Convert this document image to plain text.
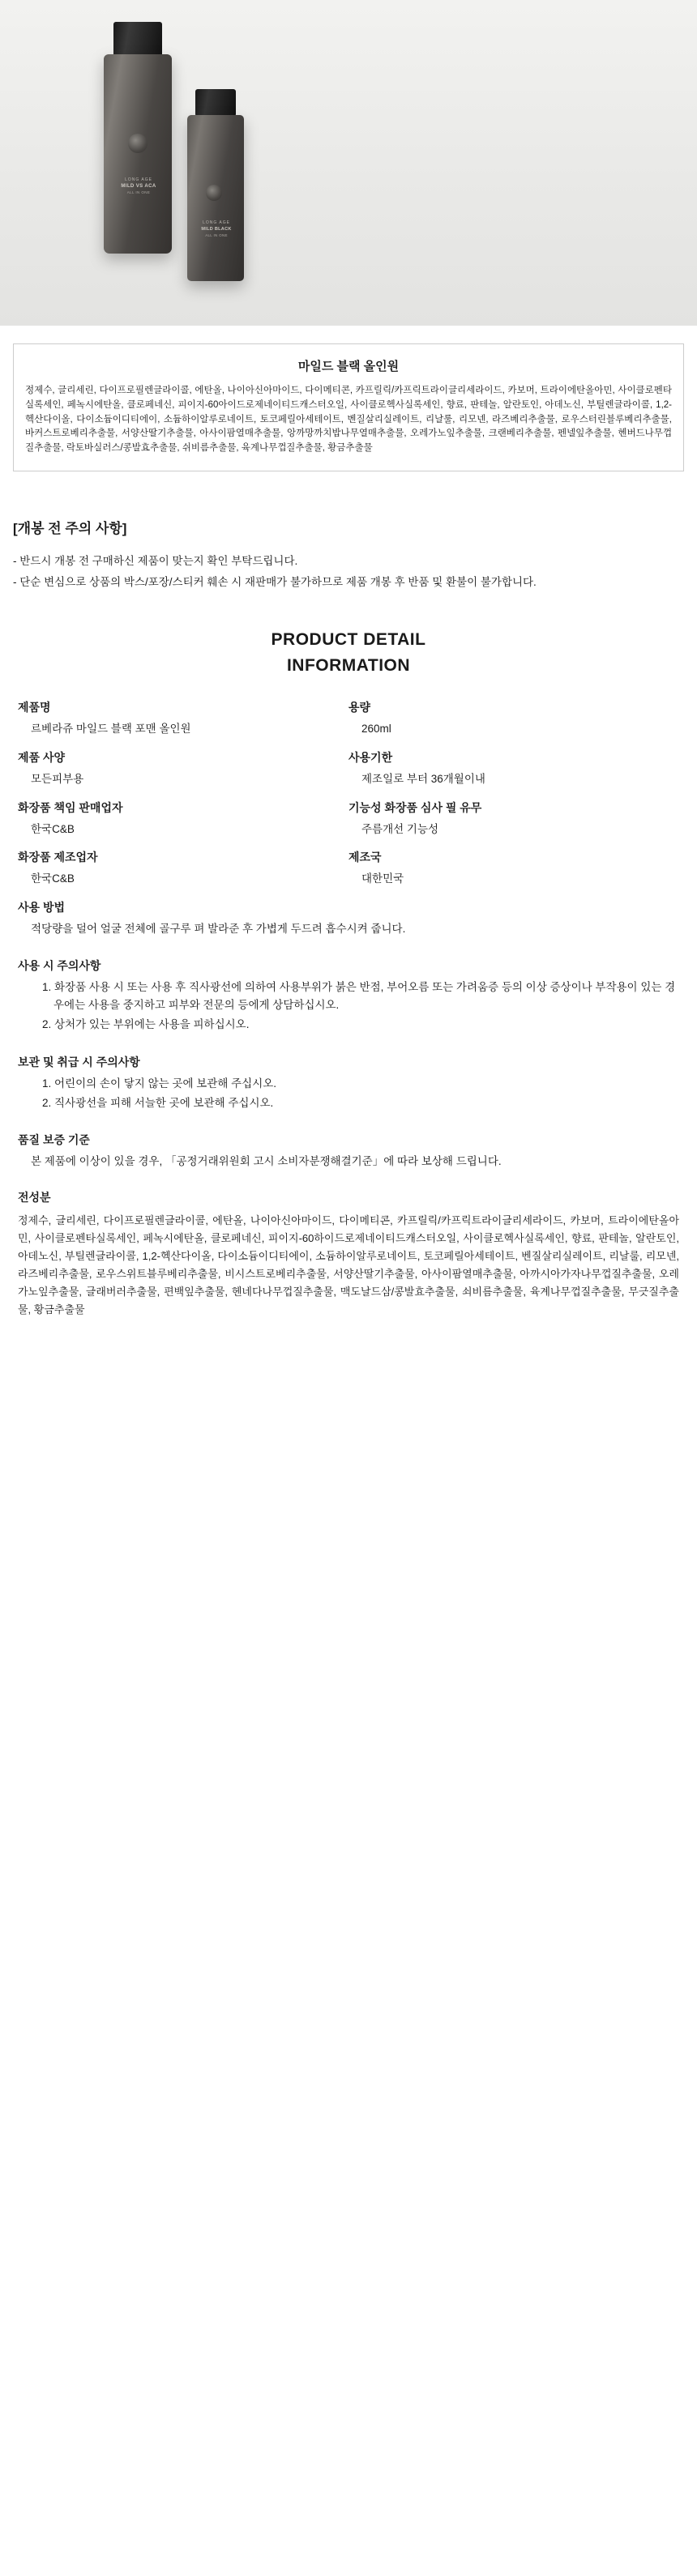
LONG AGE
MILD VS ACA
ALL IN ONE
LONG AGE
MILD BLACK
ALL IN ONE
마일드 블랙 올인원
정제수, 글리세린, 다이프로필렌글라이콜, 에탄올, 나이아신아마이드, 다이메티콘, 카프릴릭/카프릭트라이글리세라이드, 카보머, 트라이에탄올아민, 사이클로펜타실록세인, 페녹시에탄올, 클로페네신, 피이지-60아이드로제네이티드캐스터오일, 사이클로헥사실록세인, 향료, 판테놀, 알란토인, 아데노신, 부틸렌글라이콜, 1,2-헥산다이올, 다이소듐이디티에이, 소듐하이알루로네이트, 토코페릴아세테이트, 벤질살리실레이트, 리날룰, 리모넨, 라즈베리추출물, 로우스터린블루베리추출물, 바커스트로베리추출물, 서양산딸기추출물, 아사이팜열매추출물, 앙까망까치밥나무열매추출물, 오레가노잎추출물, 크랜베리추출물, 펜넬잎추출물, 헨버드나무껍질추출물, 락토바실러스/콩발효추출물, 쉬비름추출물, 육계나무껍질추출물, 황금추출물
[개봉 전 주의 사항]
- 반드시 개봉 전 구매하신 제품이 맞는지 확인 부탁드립니다.
- 단순 변심으로 상품의 박스/포장/스티커 훼손 시 재판매가 불가하므로 제품 개봉 후 반품 및 환불이 불가합니다.
PRODUCT DETAIL
INFORMATION
제품명
르베라쥬 마일드 블랙 포맨 올인원
용량
260ml
제품 사양
모든피부용
사용기한
제조일로 부터 36개월이내
화장품 책임 판매업자
한국C&B
기능성 화장품 심사 필 유무
주름개선 기능성
화장품 제조업자
한국C&B
제조국
대한민국
사용 방법
적당량을 덜어 얼굴 전체에 골구루 펴 발라준 후 가볍게 두드려 흡수시켜 줍니다.
사용 시 주의사항
1. 화장품 사용 시 또는 사용 후 직사광선에 의하여 사용부위가 붉은 반점, 부어오름 또는 가려움증 등의 이상 증상이나 부작용이 있는 경우에는 사용을 중지하고 피부와 전문의 등에게 상담하십시오.
2. 상처가 있는 부위에는 사용을 피하십시오.
보관 및 취급 시 주의사항
1. 어린이의 손이 닿지 않는 곳에 보관해 주십시오.
2. 직사광선을 피해 서늘한 곳에 보관해 주십시오.
품질 보증 기준
본 제품에 이상이 있을 경우, 「공정거래위원회 고시 소비자분쟁해결기준」에 따라 보상해 드립니다.
전성분
정제수, 글리세린, 다이프로필렌글라이콜, 에탄올, 나이아신아마이드, 다이메티콘, 카프릴릭/카프릭트라이글리세라이드, 카보머, 트라이에탄올아민, 사이클로펜타실록세인, 페녹시에탄올, 클로페네신, 피이지-60하이드로제네이티드캐스터오일, 사이클로헥사실록세인, 향료, 판테놀, 알란토인, 아데노신, 부틸렌글라이콜, 1,2-헥산다이올, 다이소듐이디티에이, 소듐하이알루로네이트, 토코페릴아세테이트, 벤질살리실레이트, 리날룰, 리모넨, 라즈베리추출물, 로우스위트블루베리추출물, 비시스트로베리추출물, 서양산딸기추출물, 아사이팜열매추출물, 아까시아가자나무껍질추출물, 오레가노잎추출물, 글래버러추출물, 편백잎추출물, 헨네다나무껍질추출물, 맥도날드삼/콩발효추출물, 쇠비름추출물, 육계나무껍질추출물, 무긋질추출물, 황금추출물
